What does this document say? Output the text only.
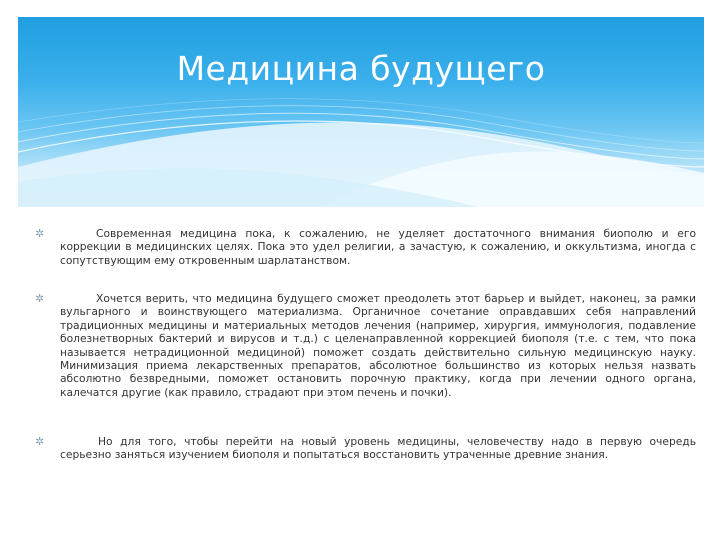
Медицина будущего
✲	Современная медицина пока, к сожалению, не уделяет достаточного внимания биополю и его коррекции в медицинских целях. Пока это удел религии, а зачастую, к сожалению, и оккультизма, иногда с сопутствующим ему откровенным шарлатанством.

✲	Хочется верить, что медицина будущего сможет преодолеть этот барьер и выйдет, наконец, за рамки вульгарного и воинствующего материализма. Органичное сочетание оправдавших себя направлений традиционных медицины и материальных методов лечения (например, хирургия, иммунология, подавление болезнетворных бактерий и вирусов и т.д.) с целенаправленной коррекцией биополя (т.е. с тем, что пока называется нетрадиционной медициной) поможет создать действительно сильную медицинскую науку. Минимизация приема лекарственных препаратов, абсолютное большинство из которых нельзя назвать абсолютно безвредными, поможет остановить порочную практику, когда при лечении одного органа, калечатся другие (как правило, страдают при этом печень и почки).

✲	Но для того, чтобы перейти на новый уровень медицины, человечеству надо в первую очередь серьезно заняться изучением биополя и попытаться восстановить утраченные древние знания.
